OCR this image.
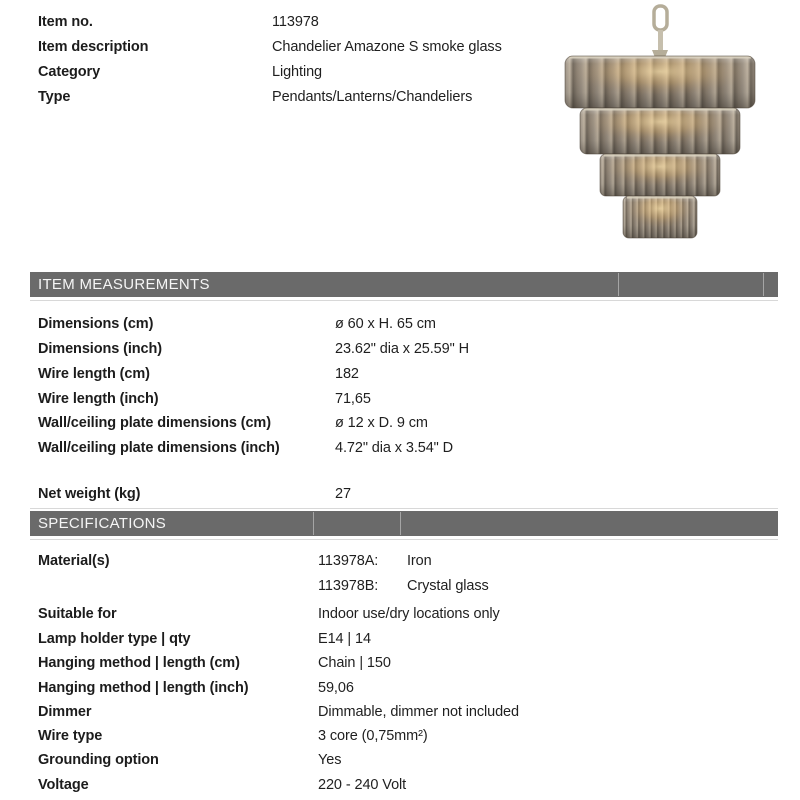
Item no.	113978
Item description	Chandelier Amazone S smoke glass
Category	Lighting
Type	Pendants/Lanterns/Chandeliers
ITEM MEASUREMENTS
Dimensions (cm)	ø 60 x H. 65 cm
Dimensions (inch)	23.62" dia x 25.59" H
Wire length (cm)	182
Wire length (inch)	71,65
Wall/ceiling plate dimensions (cm)	ø 12 x D. 9 cm
Wall/ceiling plate dimensions (inch)	4.72" dia x 3.54" D
Net weight (kg)	27
SPECIFICATIONS
Material(s)	113978A: Iron
113978B: Crystal glass
Suitable for	Indoor use/dry locations only
Lamp holder type | qty	E14 | 14
Hanging method | length (cm)	Chain | 150
Hanging method | length (inch)	59,06
Dimmer	Dimmable, dimmer not included
Wire type	3 core (0,75mm²)
Grounding option	Yes
Voltage	220 - 240 Volt
